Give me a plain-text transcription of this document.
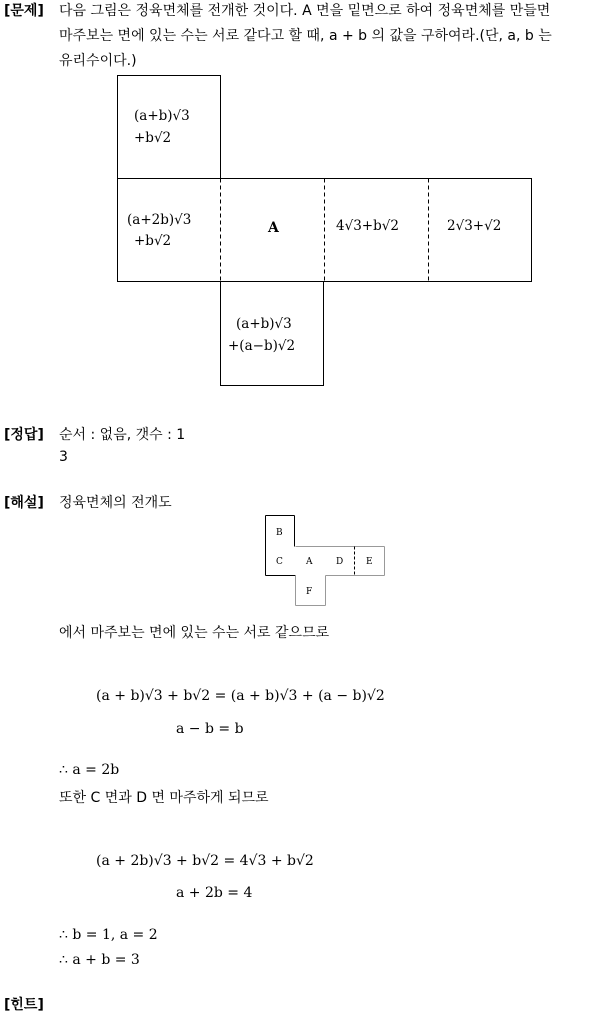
[문제] 다음 그림은 정육면체를 전개한 것이다. A 면을 밑면으로 하여 정육면체를 만들면
마주보는 면에 있는 수는 서로 같다고 할 때, a + b 의 값을 구하여라.(단, a, b 는
유리수이다.)
(a+b)√3
+b√2
(a+2b)√3
+b√2
A	4√3+b√2	2√3+√2
(a+b)√3
+(a−b)√2
[정답] 순서 : 없음, 갯수 : 1
3
[해설] 정육면체의 전개도
B
C	A	D	E
F
에서 마주보는 면에 있는 수는 서로 같으므로
(a + b)√3 + b√2 = (a + b)√3 + (a − b)√2
a − b = b
∴ a = 2b
또한 C 면과 D 면 마주하게 되므로
(a + 2b)√3 + b√2 = 4√3 + b√2
a + 2b = 4
∴ b = 1, a = 2
∴ a + b = 3
[힌트]
